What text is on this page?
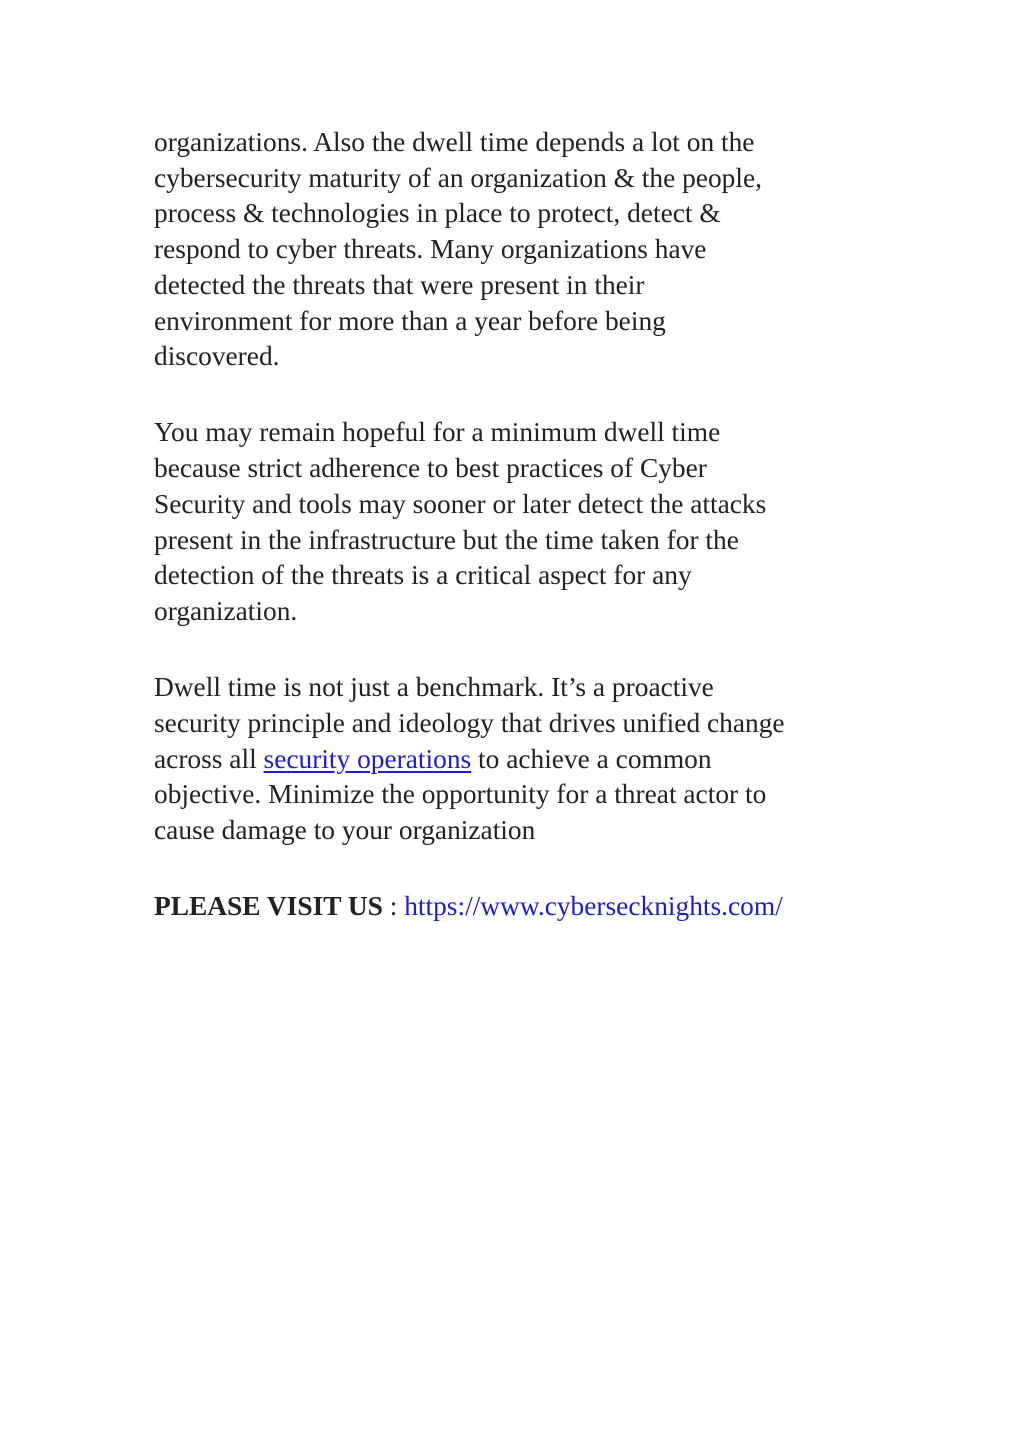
organizations. Also the dwell time depends a lot on the
cybersecurity maturity of an organization & the people,
process & technologies in place to protect, detect &
respond to cyber threats. Many organizations have
detected the threats that were present in their
environment for more than a year before being
discovered.

You may remain hopeful for a minimum dwell time
because strict adherence to best practices of Cyber
Security and tools may sooner or later detect the attacks
present in the infrastructure but the time taken for the
detection of the threats is a critical aspect for any
organization.

Dwell time is not just a benchmark. It’s a proactive
security principle and ideology that drives unified change
across all security operations to achieve a common
objective. Minimize the opportunity for a threat actor to
cause damage to your organization

PLEASE VISIT US : https://www.cybersecknights.com/
